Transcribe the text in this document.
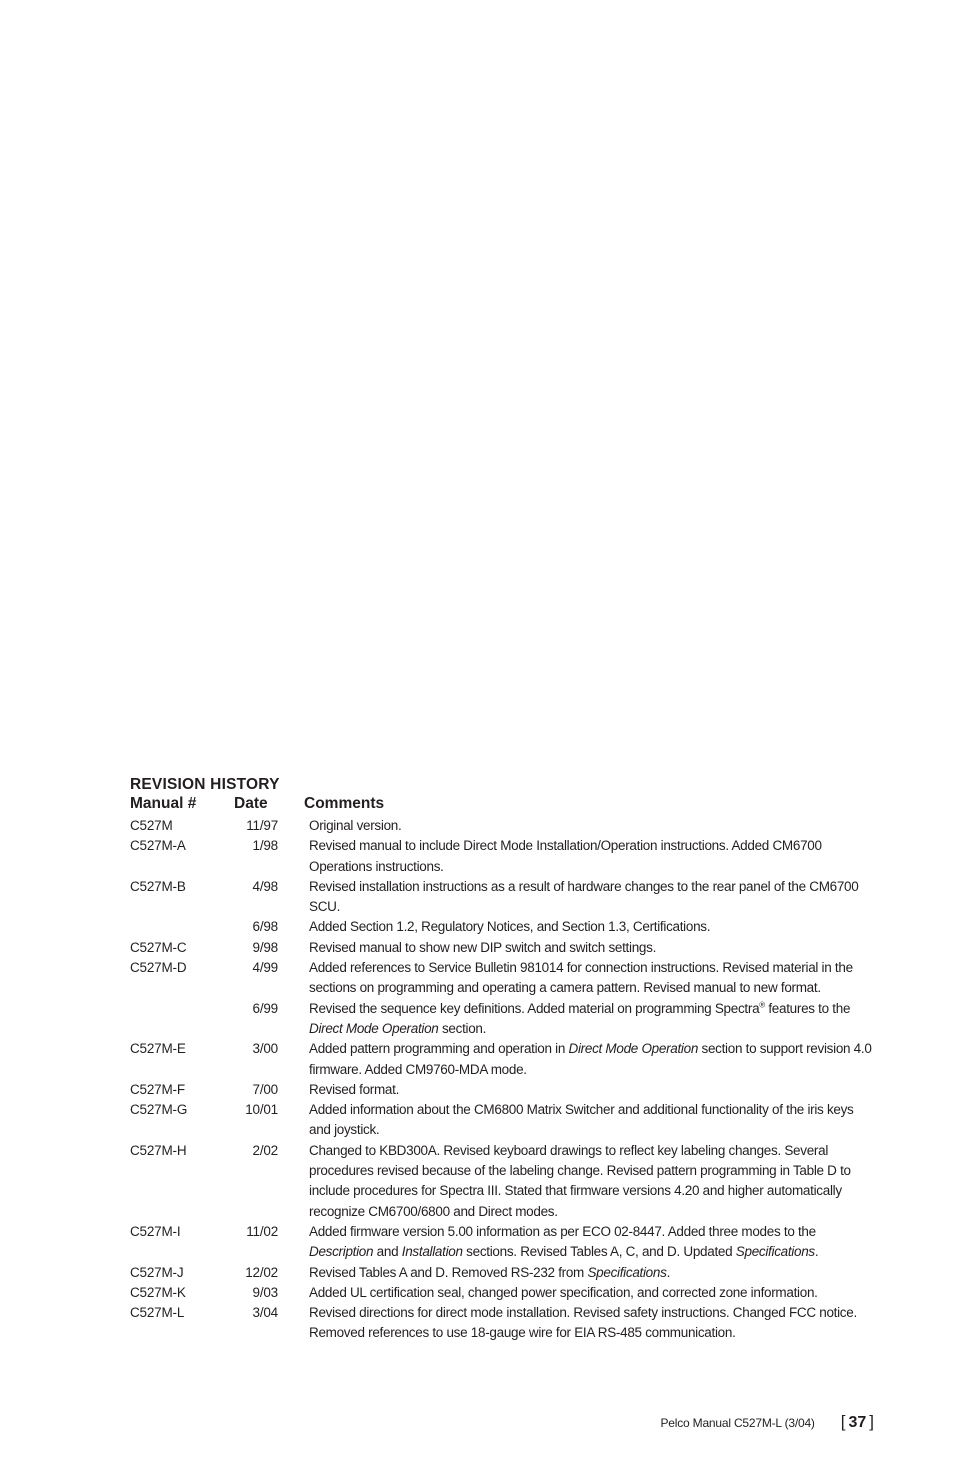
REVISION HISTORY
Manual # Date Comments
C527M	11/97 Original version.
C527M-A	1/98 Revised manual to include Direct Mode Installation/Operation instructions. Added CM6700 Operations instructions.
C527M-B	4/98 Revised installation instructions as a result of hardware changes to the rear panel of the CM6700 SCU.
6/98 Added Section 1.2, Regulatory Notices, and Section 1.3, Certifications.
C527M-C	9/98 Revised manual to show new DIP switch and switch settings.
C527M-D	4/99 Added references to Service Bulletin 981014 for connection instructions. Revised material in the sections on programming and operating a camera pattern. Revised manual to new format.
6/99 Revised the sequence key definitions. Added material on programming Spectra® features to the Direct Mode Operation section.
C527M-E	3/00 Added pattern programming and operation in Direct Mode Operation section to support revision 4.0 firmware. Added CM9760-MDA mode.
C527M-F	7/00 Revised format.
C527M-G	10/01 Added information about the CM6800 Matrix Switcher and additional functionality of the iris keys and joystick.
C527M-H	2/02 Changed to KBD300A. Revised keyboard drawings to reflect key labeling changes. Several procedures revised because of the labeling change. Revised pattern programming in Table D to include procedures for Spectra III. Stated that firmware versions 4.20 and higher automatically recognize CM6700/6800 and Direct modes.
C527M-I	11/02 Added firmware version 5.00 information as per ECO 02-8447. Added three modes to the Description and Installation sections. Revised Tables A, C, and D. Updated Specifications.
C527M-J	12/02 Revised Tables A and D. Removed RS-232 from Specifications.
C527M-K	9/03 Added UL certification seal, changed power specification, and corrected zone information.
C527M-L	3/04 Revised directions for direct mode installation. Revised safety instructions. Changed FCC notice. Removed references to use 18-gauge wire for EIA RS-485 communication.
Pelco Manual C527M-L (3/04) [ 37 ]
